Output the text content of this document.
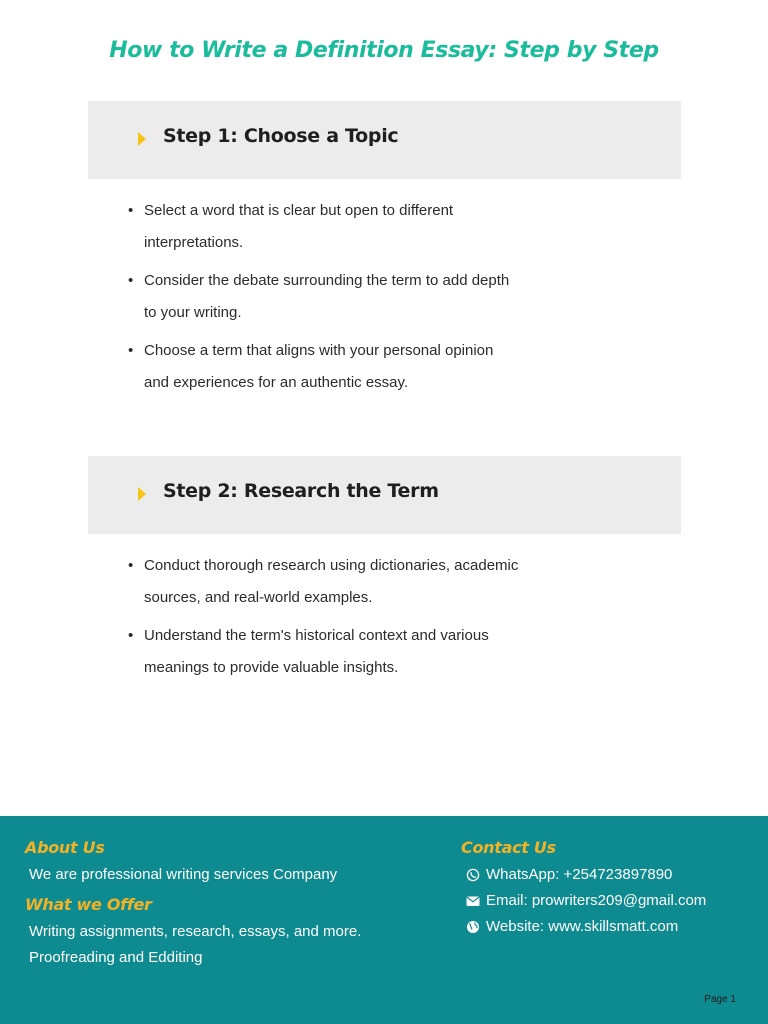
How to Write a Definition Essay: Step by Step
Step 1: Choose a Topic
• Select a word that is clear but open to different
interpretations.
• Consider the debate surrounding the term to add depth
to your writing.
• Choose a term that aligns with your personal opinion
and experiences for an authentic essay.
Step 2: Research the Term
• Conduct thorough research using dictionaries, academic
sources, and real-world examples.
• Understand the term's historical context and various
meanings to provide valuable insights.
About Us
We are professional writing services Company
What we Offer
Writing assignments, research, essays, and more.
Proofreading and Edditing
Contact Us
WhatsApp: +254723897890
Email: prowriters209@gmail.com
Website: www.skillsmatt.com
Page 1
